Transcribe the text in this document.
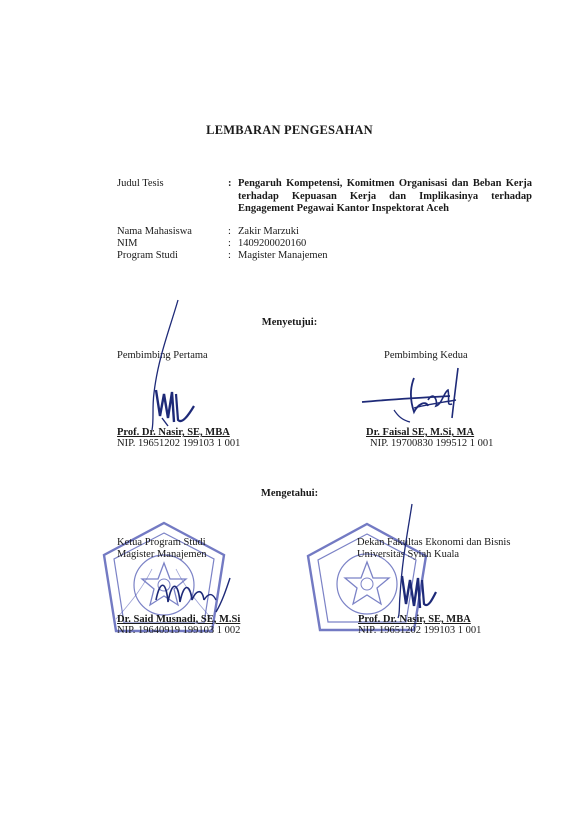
LEMBARAN PENGESAHAN
Judul Tesis	: Pengaruh Kompetensi, Komitmen Organisasi dan Beban Kerja terhadap Kepuasan Kerja dan Implikasinya terhadap Engagement Pegawai Kantor Inspektorat Aceh
Nama Mahasiswa	: Zakir Marzuki
NIM	: 1409200020160
Program Studi	: Magister Manajemen
Menyetujui:
Pembimbing Pertama	Pembimbing Kedua
Prof. Dr. Nasir, SE, MBA
NIP. 19651202 199103 1 001
Dr. Faisal SE, M.Si, MA
NIP. 19700830 199512 1 001
Mengetahui:
Ketua Program Studi
Magister Manajemen
Dekan Fakultas Ekonomi dan Bisnis
Universitas Syiah Kuala
Dr. Said Musnadi, SE, M.Si
NIP. 19640919 199103 1 002
Prof. Dr. Nasir, SE, MBA
NIP. 19651202 199103 1 001
